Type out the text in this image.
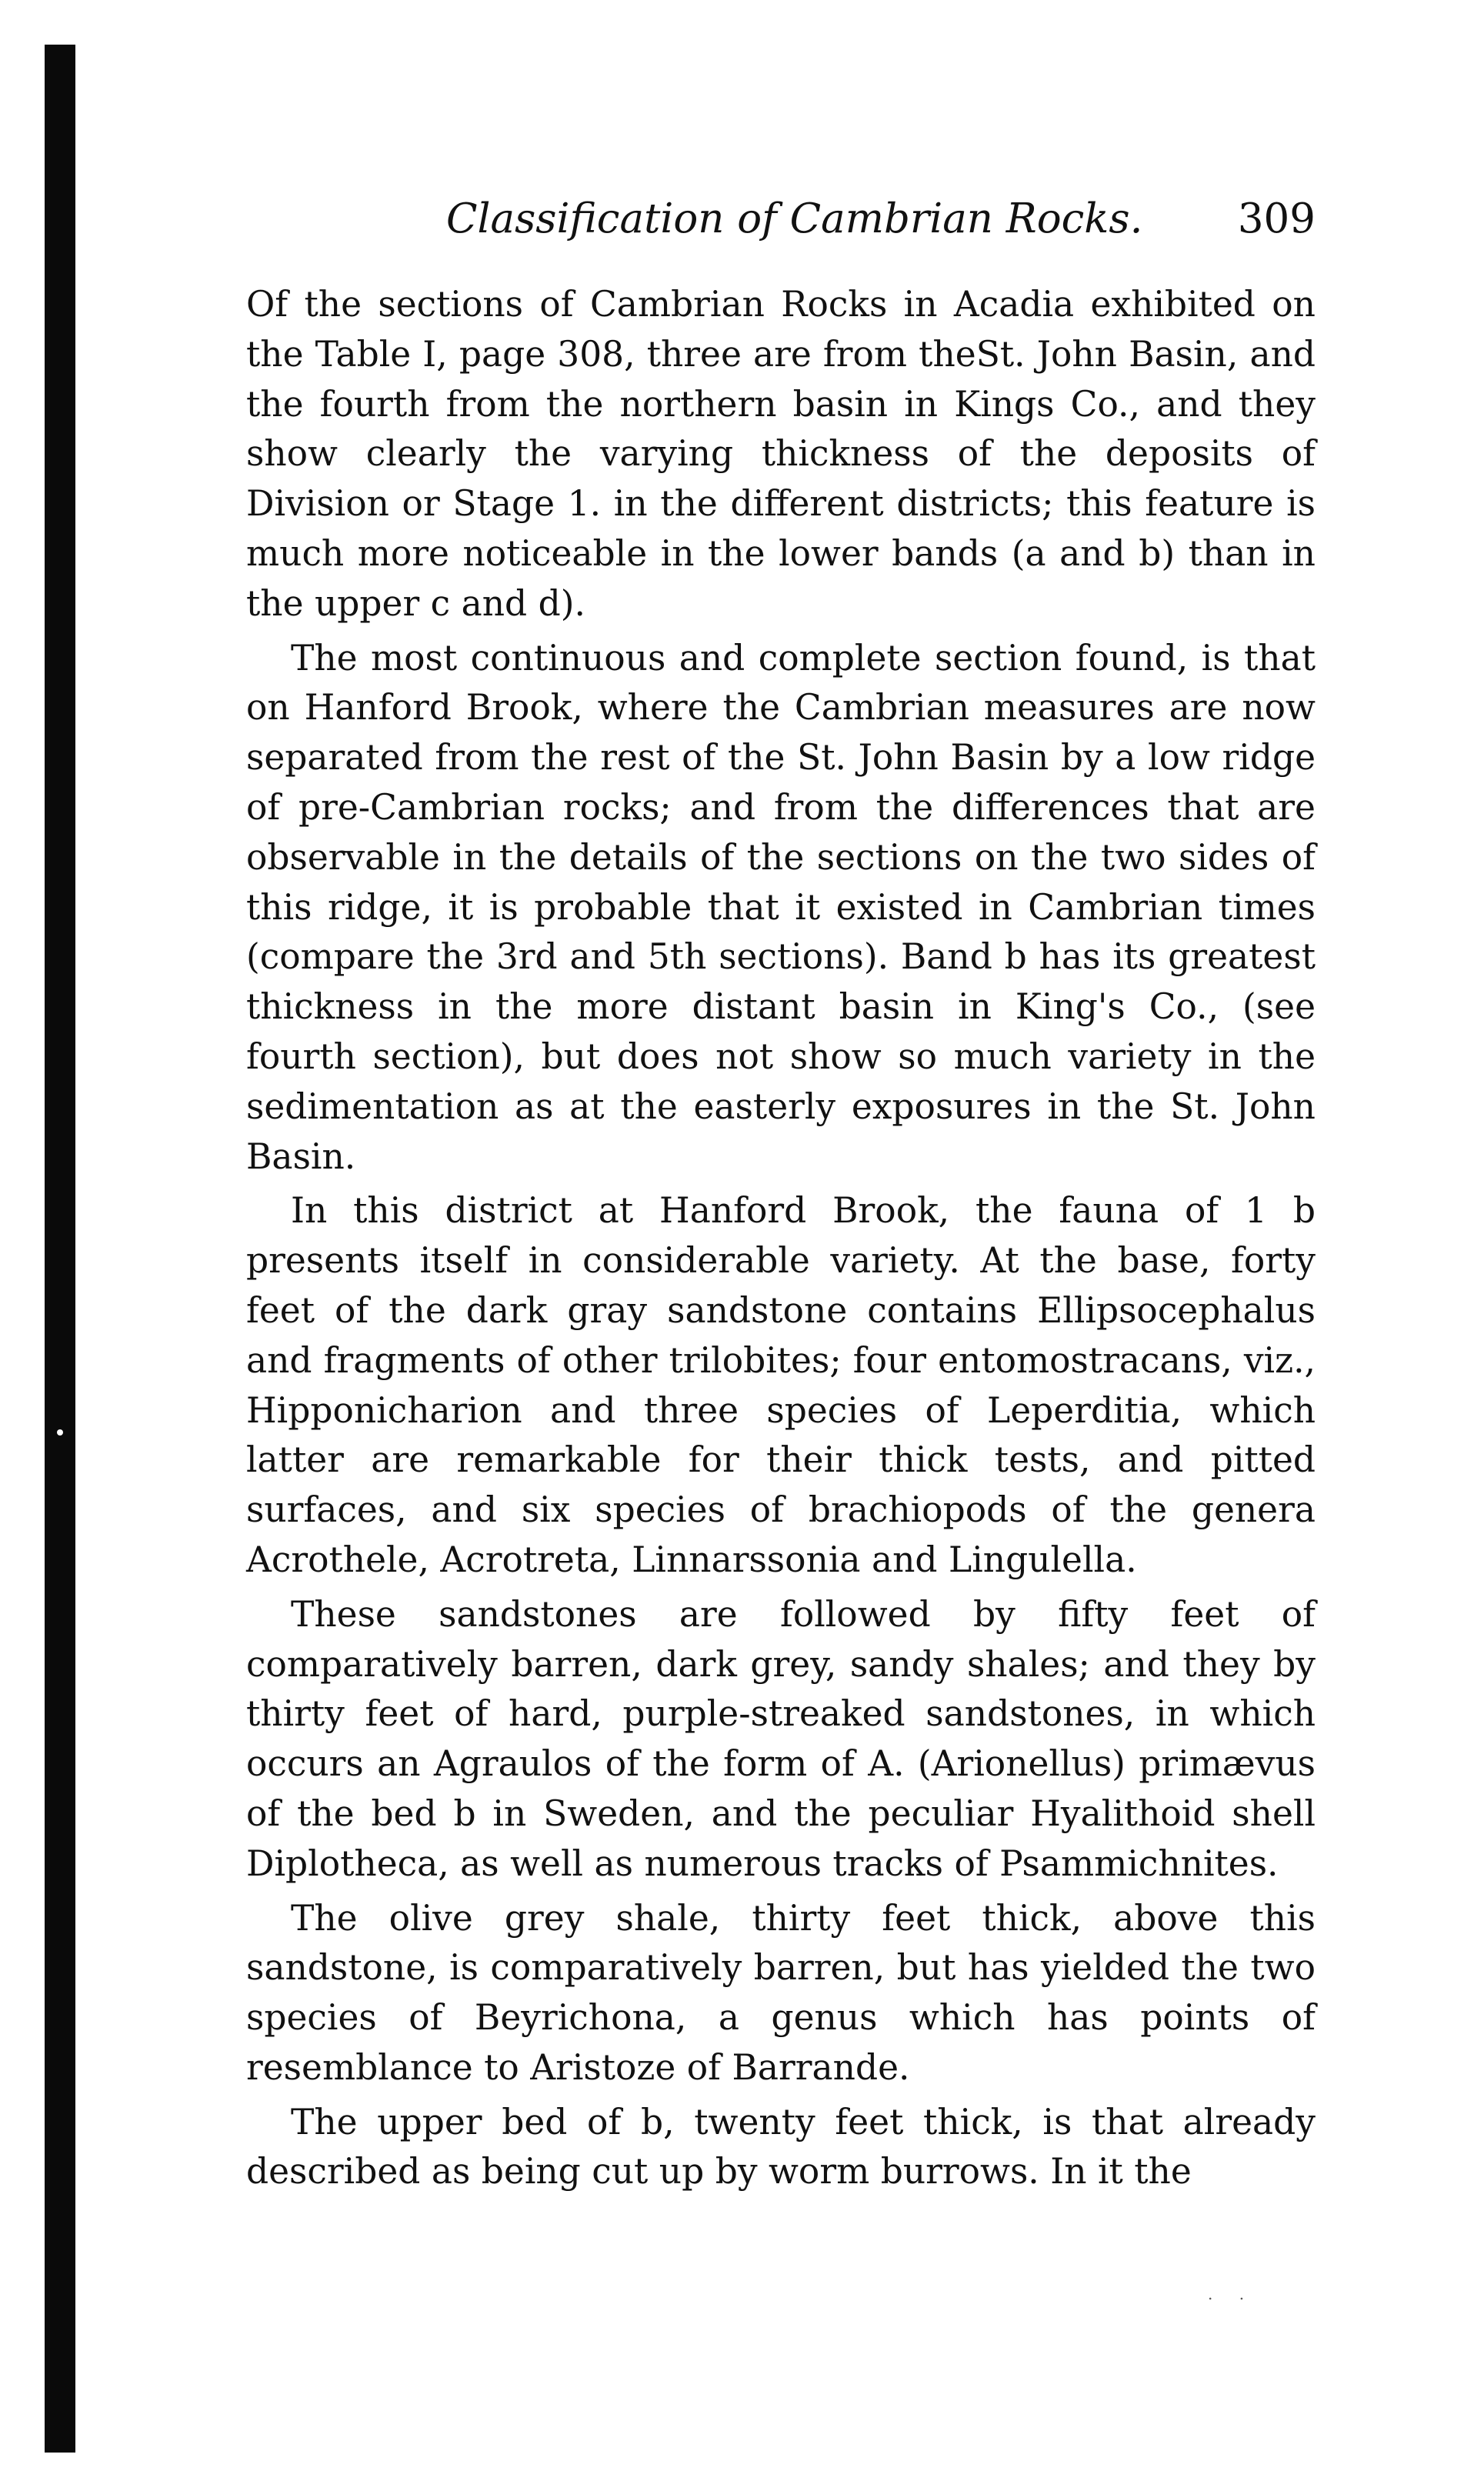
Classification of Cambrian Rocks. 309

Of the sections of Cambrian Rocks in Acadia exhibited on the Table I, page 308, three are from theSt. John Basin, and the fourth from the northern basin in Kings Co., and they show clearly the varying thickness of the deposits of Division or Stage 1. in the different districts; this feature is much more noticeable in the lower bands (a and b) than in the upper c and d).

The most continuous and complete section found, is that on Hanford Brook, where the Cambrian measures are now separated from the rest of the St. John Basin by a low ridge of pre-Cambrian rocks; and from the differences that are observable in the details of the sections on the two sides of this ridge, it is probable that it existed in Cambrian times (compare the 3rd and 5th sections). Band b has its greatest thickness in the more distant basin in King's Co., (see fourth section), but does not show so much variety in the sedimentation as at the easterly exposures in the St. John Basin.

In this district at Hanford Brook, the fauna of 1 b presents itself in considerable variety. At the base, forty feet of the dark gray sandstone contains Ellipsocephalus and fragments of other trilobites; four entomostracans, viz., Hipponicharion and three species of Leperditia, which latter are remarkable for their thick tests, and pitted surfaces, and six species of brachiopods of the genera Acrothele, Acrotreta, Linnarssonia and Lingulella.

These sandstones are followed by fifty feet of comparatively barren, dark grey, sandy shales; and they by thirty feet of hard, purple-streaked sandstones, in which occurs an Agraulos of the form of A. (Arionellus) primævus of the bed b in Sweden, and the peculiar Hyalithoid shell Diplotheca, as well as numerous tracks of Psammichnites.

The olive grey shale, thirty feet thick, above this sandstone, is comparatively barren, but has yielded the two species of Beyrichona, a genus which has points of resemblance to Aristoze of Barrande.

The upper bed of b, twenty feet thick, is that already described as being cut up by worm burrows. In it the

. .
